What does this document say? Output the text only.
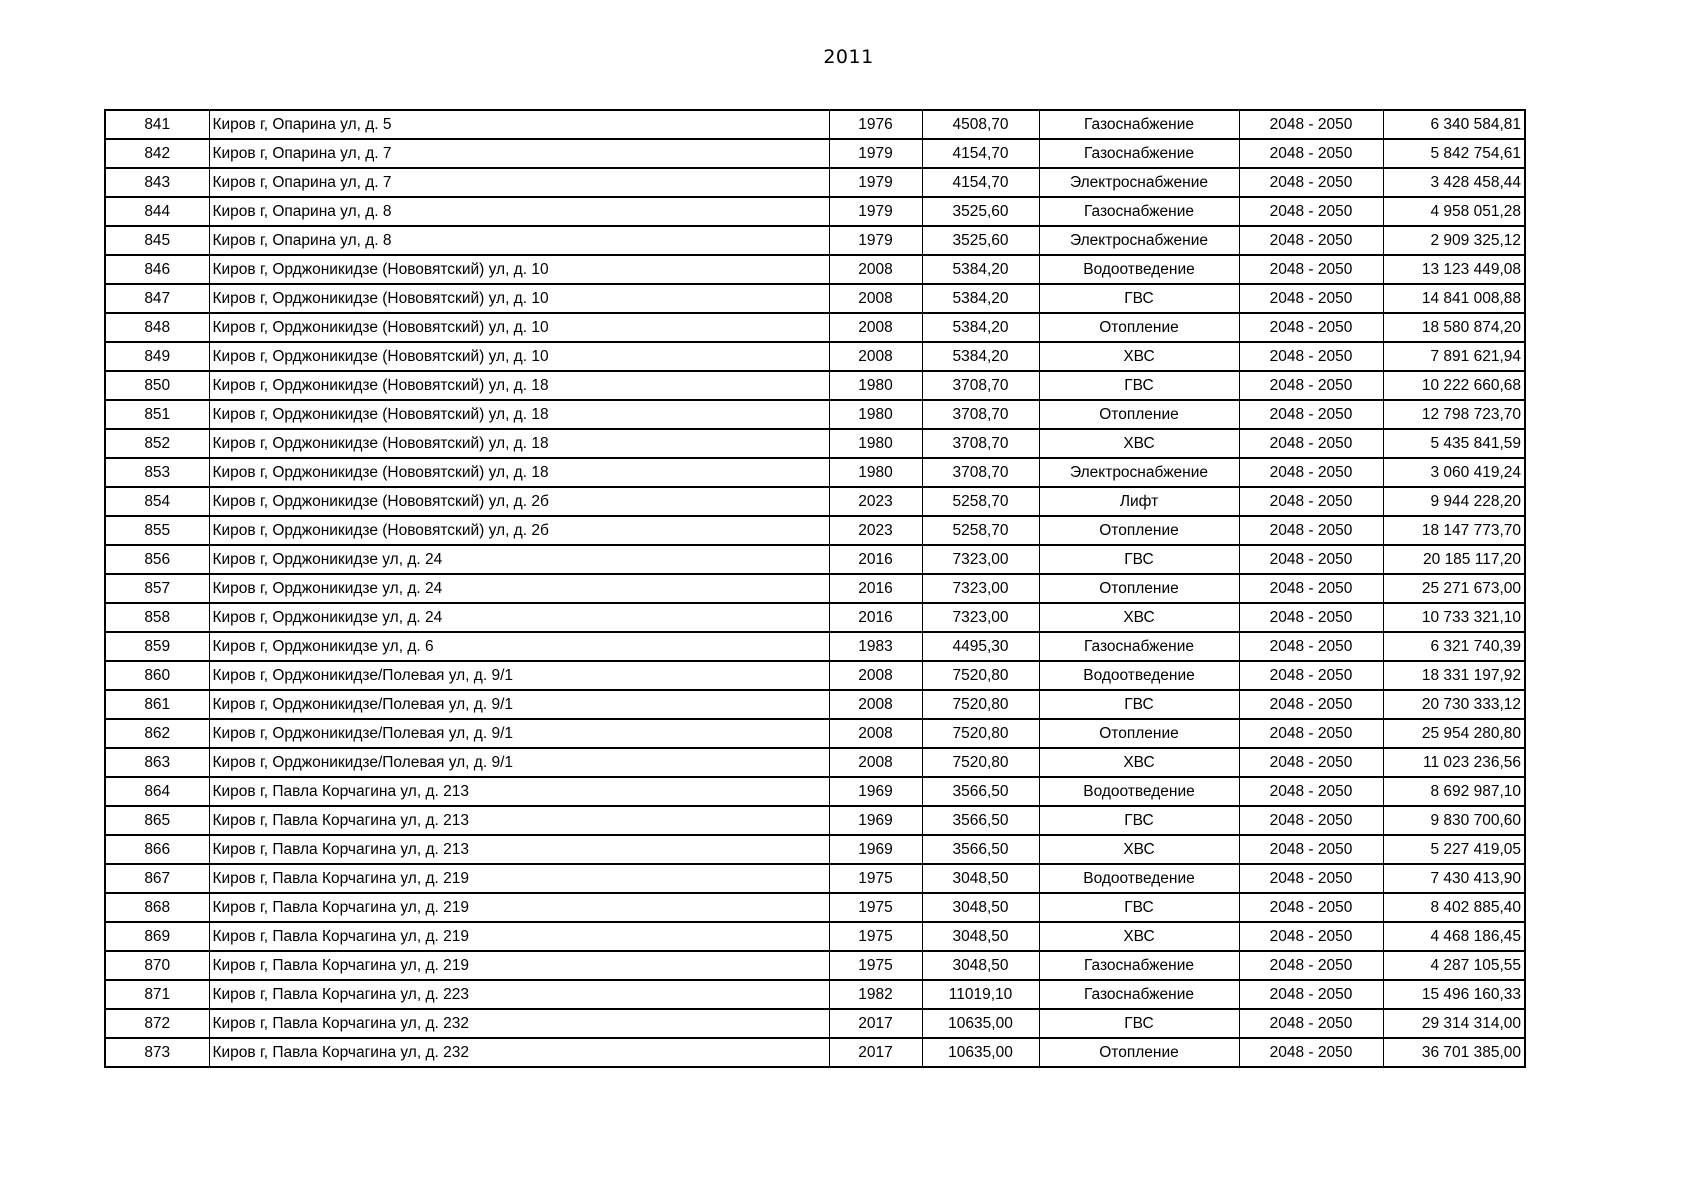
2011
841	Киров г, Опарина ул, д. 5	1976	4508,70	Газоснабжение	2048 - 2050	6 340 584,81
842	Киров г, Опарина ул, д. 7	1979	4154,70	Газоснабжение	2048 - 2050	5 842 754,61
843	Киров г, Опарина ул, д. 7	1979	4154,70	Электроснабжение	2048 - 2050	3 428 458,44
844	Киров г, Опарина ул, д. 8	1979	3525,60	Газоснабжение	2048 - 2050	4 958 051,28
845	Киров г, Опарина ул, д. 8	1979	3525,60	Электроснабжение	2048 - 2050	2 909 325,12
846	Киров г, Орджоникидзе (Нововятский) ул, д. 10	2008	5384,20	Водоотведение	2048 - 2050	13 123 449,08
847	Киров г, Орджоникидзе (Нововятский) ул, д. 10	2008	5384,20	ГВС	2048 - 2050	14 841 008,88
848	Киров г, Орджоникидзе (Нововятский) ул, д. 10	2008	5384,20	Отопление	2048 - 2050	18 580 874,20
849	Киров г, Орджоникидзе (Нововятский) ул, д. 10	2008	5384,20	ХВС	2048 - 2050	7 891 621,94
850	Киров г, Орджоникидзе (Нововятский) ул, д. 18	1980	3708,70	ГВС	2048 - 2050	10 222 660,68
851	Киров г, Орджоникидзе (Нововятский) ул, д. 18	1980	3708,70	Отопление	2048 - 2050	12 798 723,70
852	Киров г, Орджоникидзе (Нововятский) ул, д. 18	1980	3708,70	ХВС	2048 - 2050	5 435 841,59
853	Киров г, Орджоникидзе (Нововятский) ул, д. 18	1980	3708,70	Электроснабжение	2048 - 2050	3 060 419,24
854	Киров г, Орджоникидзе (Нововятский) ул, д. 2б	2023	5258,70	Лифт	2048 - 2050	9 944 228,20
855	Киров г, Орджоникидзе (Нововятский) ул, д. 2б	2023	5258,70	Отопление	2048 - 2050	18 147 773,70
856	Киров г, Орджоникидзе ул, д. 24	2016	7323,00	ГВС	2048 - 2050	20 185 117,20
857	Киров г, Орджоникидзе ул, д. 24	2016	7323,00	Отопление	2048 - 2050	25 271 673,00
858	Киров г, Орджоникидзе ул, д. 24	2016	7323,00	ХВС	2048 - 2050	10 733 321,10
859	Киров г, Орджоникидзе ул, д. 6	1983	4495,30	Газоснабжение	2048 - 2050	6 321 740,39
860	Киров г, Орджоникидзе/Полевая ул, д. 9/1	2008	7520,80	Водоотведение	2048 - 2050	18 331 197,92
861	Киров г, Орджоникидзе/Полевая ул, д. 9/1	2008	7520,80	ГВС	2048 - 2050	20 730 333,12
862	Киров г, Орджоникидзе/Полевая ул, д. 9/1	2008	7520,80	Отопление	2048 - 2050	25 954 280,80
863	Киров г, Орджоникидзе/Полевая ул, д. 9/1	2008	7520,80	ХВС	2048 - 2050	11 023 236,56
864	Киров г, Павла Корчагина ул, д. 213	1969	3566,50	Водоотведение	2048 - 2050	8 692 987,10
865	Киров г, Павла Корчагина ул, д. 213	1969	3566,50	ГВС	2048 - 2050	9 830 700,60
866	Киров г, Павла Корчагина ул, д. 213	1969	3566,50	ХВС	2048 - 2050	5 227 419,05
867	Киров г, Павла Корчагина ул, д. 219	1975	3048,50	Водоотведение	2048 - 2050	7 430 413,90
868	Киров г, Павла Корчагина ул, д. 219	1975	3048,50	ГВС	2048 - 2050	8 402 885,40
869	Киров г, Павла Корчагина ул, д. 219	1975	3048,50	ХВС	2048 - 2050	4 468 186,45
870	Киров г, Павла Корчагина ул, д. 219	1975	3048,50	Газоснабжение	2048 - 2050	4 287 105,55
871	Киров г, Павла Корчагина ул, д. 223	1982	11019,10	Газоснабжение	2048 - 2050	15 496 160,33
872	Киров г, Павла Корчагина ул, д. 232	2017	10635,00	ГВС	2048 - 2050	29 314 314,00
873	Киров г, Павла Корчагина ул, д. 232	2017	10635,00	Отопление	2048 - 2050	36 701 385,00
